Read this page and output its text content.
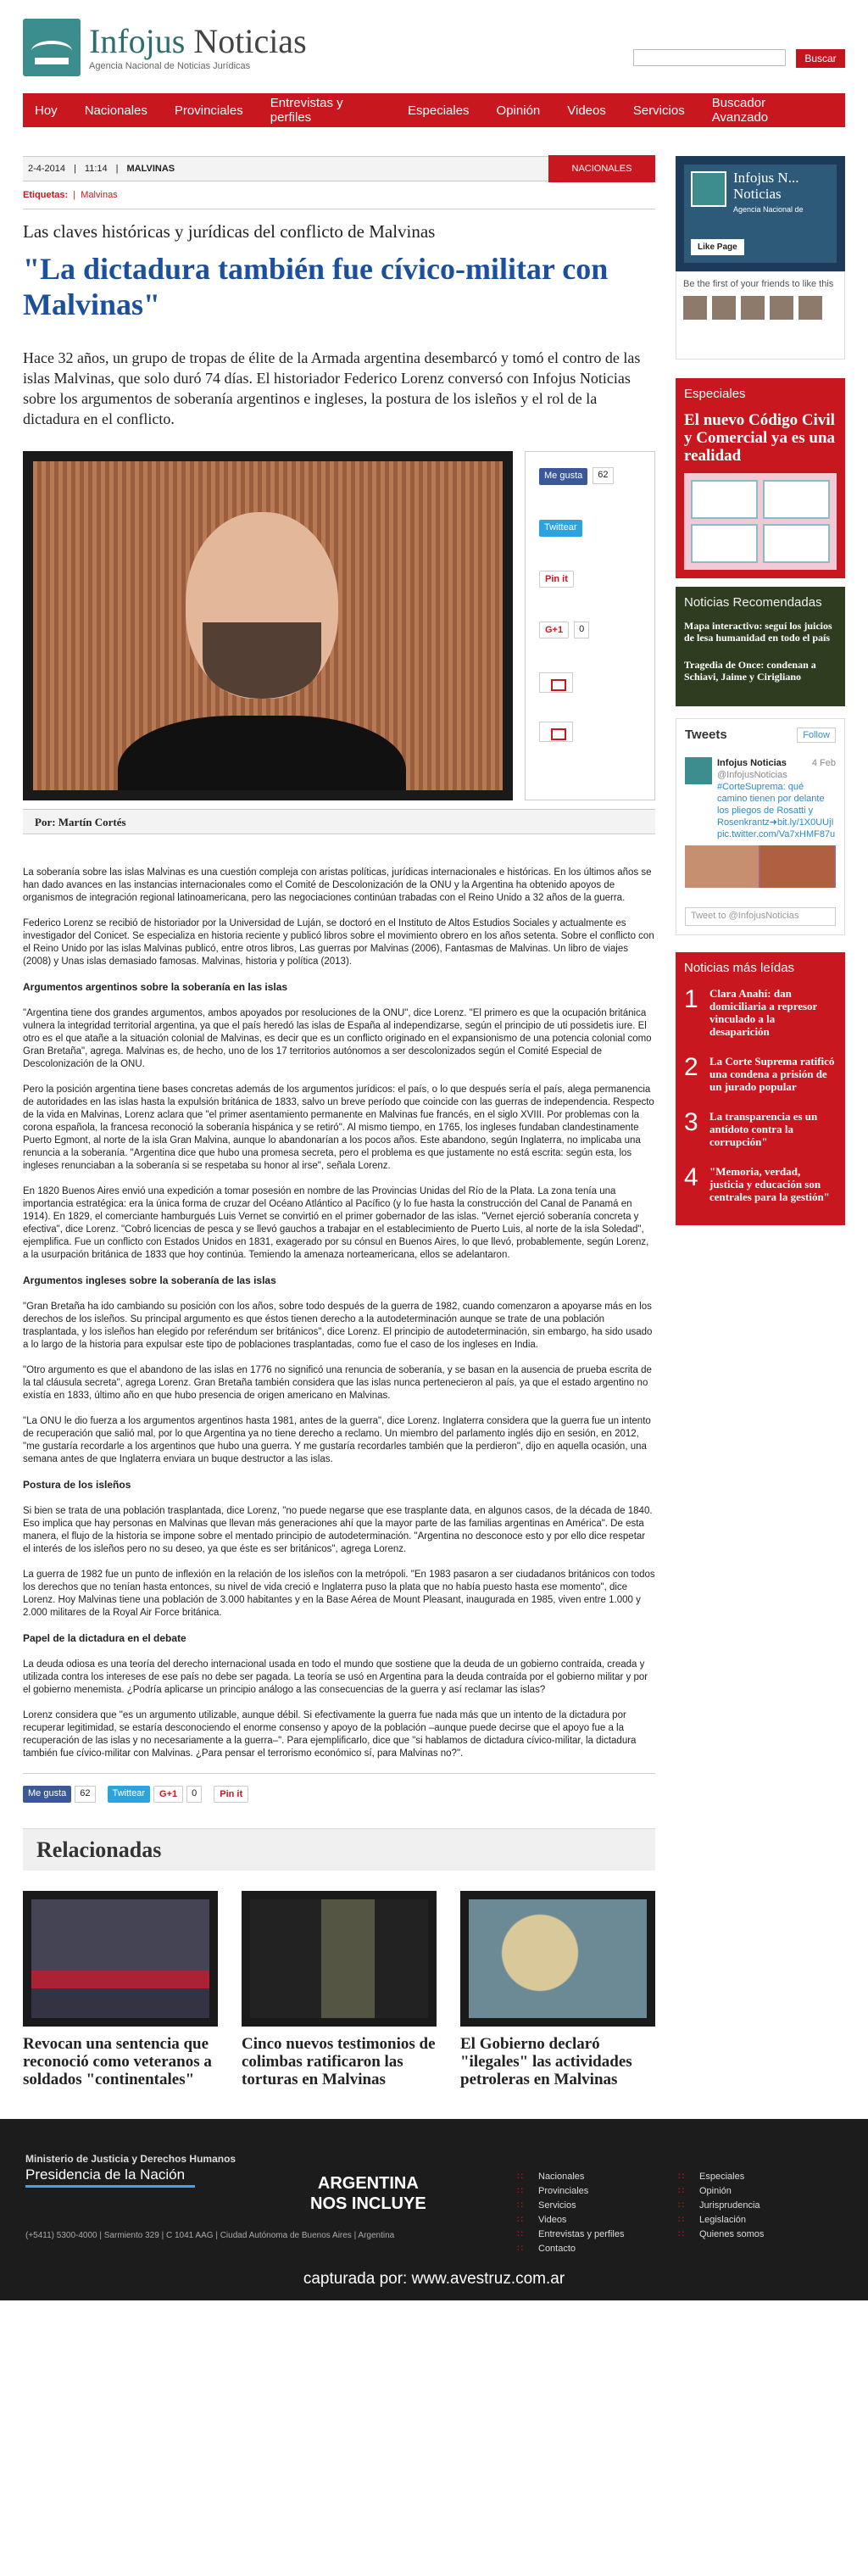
Infojus Noticias
Agencia Nacional de Noticias Jurídicas
Buscar
Hoy Nacionales Provinciales Entrevistas y perfiles	Especiales Opinión Videos Servicios Buscador Avanzado
2-4-2014 | 11:14 | MALVINAS	NACIONALES
Etiquetas:  |  Malvinas
Las claves históricas y jurídicas del conflicto de Malvinas
"La dictadura también fue cívico-militar con Malvinas"
Hace 32 años, un grupo de tropas de élite de la Armada argentina desembarcó y tomó el contro de las islas Malvinas, que solo duró 74 días. El historiador Federico Lorenz conversó con Infojus Noticias sobre los argumentos de soberanía argentinos e ingleses, la postura de los isleños y el rol de la dictadura en el conflicto.
Me gusta 62
Twittear
Pin it
G+1 0
Por: Martín Cortés

La soberanía sobre las islas Malvinas es una cuestión compleja con aristas políticas, jurídicas internacionales e históricas. En los últimos años se han dado avances en las instancias internacionales como el Comité de Descolonización de la ONU y la Argentina ha obtenido apoyos de organismos de integración regional latinoamericana, pero las negociaciones continúan trabadas con el Reino Unido a 32 años de la guerra.

Federico Lorenz se recibió de historiador por la Universidad de Luján, se doctoró en el Instituto de Altos Estudios Sociales y actualmente es investigador del Conicet. Se especializa en historia reciente y publicó libros sobre el movimiento obrero en los años setenta. Sobre el conflicto con el Reino Unido por las islas Malvinas publicó, entre otros libros, Las guerras por Malvinas (2006), Fantasmas de Malvinas. Un libro de viajes (2008) y Unas islas demasiado famosas. Malvinas, historia y política (2013).

Argumentos argentinos sobre la soberanía en las islas

"Argentina tiene dos grandes argumentos, ambos apoyados por resoluciones de la ONU", dice Lorenz. "El primero es que la ocupación británica vulnera la integridad territorial argentina, ya que el país heredó las islas de España al independizarse, según el principio de uti possidetis iure. El otro es el que atañe a la situación colonial de Malvinas, es decir que es un conflicto originado en el expansionismo de una potencia colonial como Gran Bretaña", agrega. Malvinas es, de hecho, uno de los 17 territorios autónomos a ser descolonizados según el Comité Especial de Descolonización de la ONU.

Pero la posición argentina tiene bases concretas además de los argumentos jurídicos: el país, o lo que después sería el país, alega permanencia de autoridades en las islas hasta la expulsión británica de 1833, salvo un breve período que coincide con las guerras de independencia. Respecto de la vida en Malvinas, Lorenz aclara que "el primer asentamiento permanente en Malvinas fue francés, en el siglo XVIII. Por problemas con la corona española, la francesa reconoció la soberanía hispánica y se retiró". Al mismo tiempo, en 1765, los ingleses fundaban clandestinamente Puerto Egmont, al norte de la isla Gran Malvina, aunque lo abandonarían a los pocos años. Este abandono, según Inglaterra, no implicaba una renuncia a la soberanía. "Argentina dice que hubo una promesa secreta, pero el problema es que justamente no está escrita: según esta, los ingleses renunciaban a la soberanía si se respetaba su honor al irse", señala Lorenz.

En 1820 Buenos Aires envió una expedición a tomar posesión en nombre de las Provincias Unidas del Río de la Plata. La zona tenía una importancia estratégica: era la única forma de cruzar del Océano Atlántico al Pacífico (y lo fue hasta la construcción del Canal de Panamá en 1914). En 1829, el comerciante hamburgués Luis Vernet se convirtió en el primer gobernador de las islas. "Vernet ejerció soberanía concreta y efectiva", dice Lorenz. "Cobró licencias de pesca y se llevó gauchos a trabajar en el establecimiento de Puerto Luis, al norte de la isla Soledad", ejemplifica. Fue un conflicto con Estados Unidos en 1831, exagerado por su cónsul en Buenos Aires, lo que llevó, probablemente, según Lorenz, a la usurpación británica de 1833 que hoy continúa. Temiendo la amenaza norteamericana, ellos se adelantaron.

Argumentos ingleses sobre la soberanía de las islas

"Gran Bretaña ha ido cambiando su posición con los años, sobre todo después de la guerra de 1982, cuando comenzaron a apoyarse más en los derechos de los isleños. Su principal argumento es que éstos tienen derecho a la autodeterminación aunque se trate de una población trasplantada, y los isleños han elegido por referéndum ser británicos", dice Lorenz. El principio de autodeterminación, sin embargo, ha sido usado a lo largo de la historia para expulsar este tipo de poblaciones trasplantadas, como fue el caso de los ingleses en India.

"Otro argumento es que el abandono de las islas en 1776 no significó una renuncia de soberanía, y se basan en la ausencia de prueba escrita de la tal cláusula secreta", agrega Lorenz. Gran Bretaña también considera que las islas nunca pertenecieron al país, ya que el estado argentino no existía en 1833, último año en que hubo presencia de origen americano en Malvinas.

"La ONU le dio fuerza a los argumentos argentinos hasta 1981, antes de la guerra", dice Lorenz. Inglaterra considera que la guerra fue un intento de recuperación que salió mal, por lo que Argentina ya no tiene derecho a reclamo. Un miembro del parlamento inglés dijo en sesión, en 2012, "me gustaría recordarle a los argentinos que hubo una guerra. Y me gustaría recordarles también que la perdieron", dijo en aquella ocasión, una semana antes de que Inglaterra enviara un buque destructor a las islas.

Postura de los isleños

Si bien se trata de una población trasplantada, dice Lorenz, "no puede negarse que ese trasplante data, en algunos casos, de la década de 1840. Eso implica que hay personas en Malvinas que llevan más generaciones ahí que la mayor parte de las familias argentinas en América". De esta manera, el flujo de la historia se impone sobre el mentado principio de autodeterminación. "Argentina no desconoce esto y por ello dice respetar el interés de los isleños pero no su deseo, ya que éste es ser británicos", agrega Lorenz.

La guerra de 1982 fue un punto de inflexión en la relación de los isleños con la metrópoli. "En 1983 pasaron a ser ciudadanos británicos con todos los derechos que no tenían hasta entonces, su nivel de vida creció e Inglaterra puso la plata que no había puesto hasta ese momento", dice Lorenz. Hoy Malvinas tiene una población de 3.000 habitantes y en la Base Aérea de Mount Pleasant, inaugurada en 1985, viven entre 1.000 y 2.000 militares de la Royal Air Force británica.

Papel de la dictadura en el debate

La deuda odiosa es una teoría del derecho internacional usada en todo el mundo que sostiene que la deuda de un gobierno contraída, creada y utilizada contra los intereses de ese país no debe ser pagada. La teoría se usó en Argentina para la deuda contraída por el gobierno militar y por el gobierno menemista. ¿Podría aplicarse un principio análogo a las consecuencias de la guerra y así reclamar las islas?

Lorenz considera que "es un argumento utilizable, aunque débil. Si efectivamente la guerra fue nada más que un intento de la dictadura por recuperar legitimidad, se estaría desconociendo el enorme consenso y apoyo de la población –aunque puede decirse que el apoyo fue a la recuperación de las islas y no necesariamente a la guerra–". Para ejemplificarlo, dice que "si hablamos de dictadura cívico-militar, la dictadura también fue cívico-militar con Malvinas. ¿Para pensar el terrorismo económico sí, para Malvinas no?".

Me gusta	62	Twittear	G+1	0	Pin it
Relacionadas
Revocan una sentencia que reconoció como veteranos a soldados "continentales"
Cinco nuevos testimonios de colimbas ratificaron las torturas en Malvinas
El Gobierno declaró "ilegales" las actividades petroleras en Malvinas
Infojus N... Noticias
Agencia Nacional de
Like Page
Be the first of your friends to like this
Especiales
El nuevo Código Civil y Comercial ya es una realidad
Noticias Recomendadas
Mapa interactivo: seguí los juicios de lesa humanidad en todo el país
Tragedia de Once: condenan a Schiavi, Jaime y Cirigliano
Tweets	Follow
Infojus Noticias	4 Feb
@InfojusNoticias
#CorteSuprema: qué camino tienen por delante los pliegos de Rosatti y Rosenkrantz➜bit.ly/1X0UUjI pic.twitter.com/Va7xHMF87u
Tweet to @InfojusNoticias
Noticias más leídas
1	Clara Anahí: dan domiciliaria a represor vinculado a la desaparición
2	La Corte Suprema ratificó una condena a prisión de un jurado popular
3	La transparencia es un antídoto contra la corrupción"
4	"Memoria, verdad, justicia y educación son centrales para la gestión"
Ministerio de Justicia y Derechos Humanos
Presidencia de la Nación
(+5411) 5300-4000 | Sarmiento 329 | C 1041 AAG | Ciudad Autónoma de Buenos Aires | Argentina
ARGENTINA
NOS INCLUYE
∷ Nacionales
∷ Provinciales
∷ Servicios
∷ Videos
∷ Entrevistas y perfiles
∷ Contacto
∷ Especiales
∷ Opinión
∷ Jurisprudencia
∷ Legislación
∷ Quienes somos
capturada por: www.avestruz.com.ar
